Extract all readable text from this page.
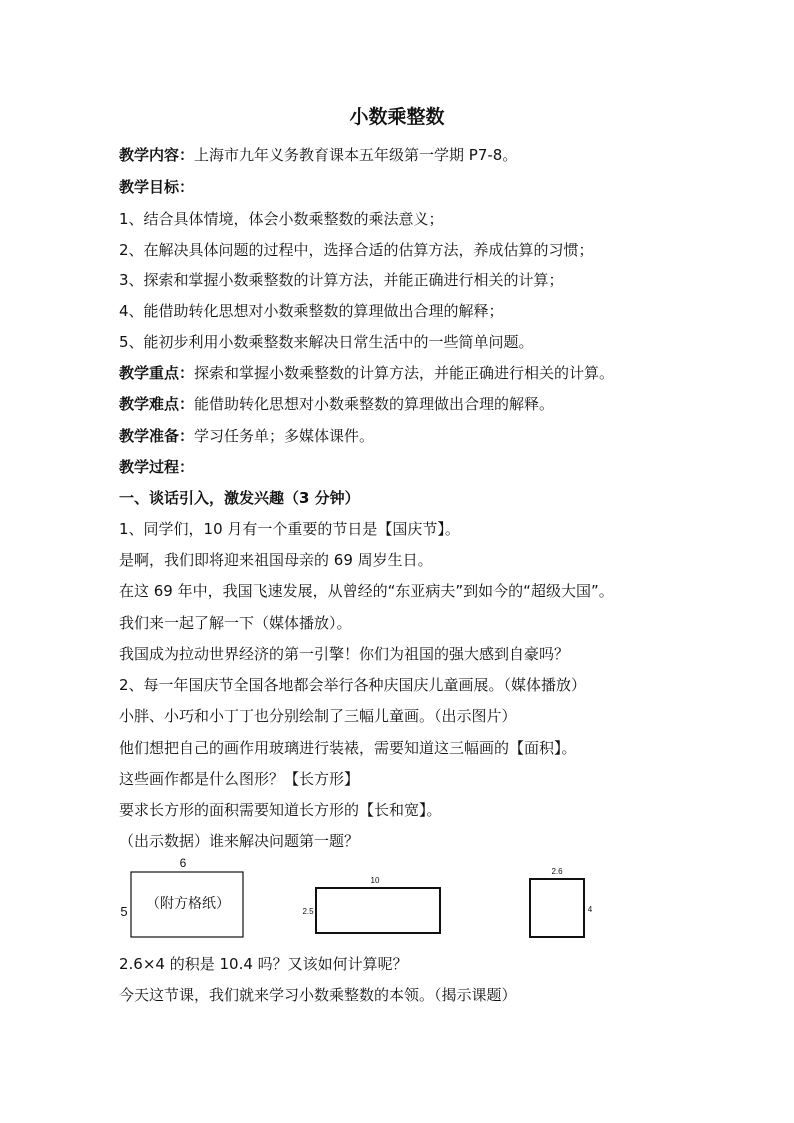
小数乘整数
教学内容：上海市九年义务教育课本五年级第一学期 P7-8。
教学目标：
1、结合具体情境，体会小数乘整数的乘法意义；
2、在解决具体问题的过程中，选择合适的估算方法，养成估算的习惯；
3、探索和掌握小数乘整数的计算方法，并能正确进行相关的计算；
4、能借助转化思想对小数乘整数的算理做出合理的解释；
5、能初步利用小数乘整数来解决日常生活中的一些简单问题。
教学重点：探索和掌握小数乘整数的计算方法，并能正确进行相关的计算。
教学难点：能借助转化思想对小数乘整数的算理做出合理的解释。
教学准备：学习任务单；多媒体课件。
教学过程：
一、谈话引入，激发兴趣（3 分钟）
1、同学们，10 月有一个重要的节日是【国庆节】。
是啊，我们即将迎来祖国母亲的 69 周岁生日。
在这 69 年中，我国飞速发展，从曾经的“东亚病夫”到如今的“超级大国”。
我们来一起了解一下（媒体播放）。
我国成为拉动世界经济的第一引擎！你们为祖国的强大感到自豪吗？
2、每一年国庆节全国各地都会举行各种庆国庆儿童画展。（媒体播放）
小胖、小巧和小丁丁也分别绘制了三幅儿童画。（出示图片）
他们想把自己的画作用玻璃进行装裱，需要知道这三幅画的【面积】。
这些画作都是什么图形？【长方形】
要求长方形的面积需要知道长方形的【长和宽】。
（出示数据）谁来解决问题第一题？
6
5 （附方格纸）
10
2.5
2.6
4
2.6×4 的积是 10.4 吗？又该如何计算呢？
今天这节课，我们就来学习小数乘整数的本领。（揭示课题）
